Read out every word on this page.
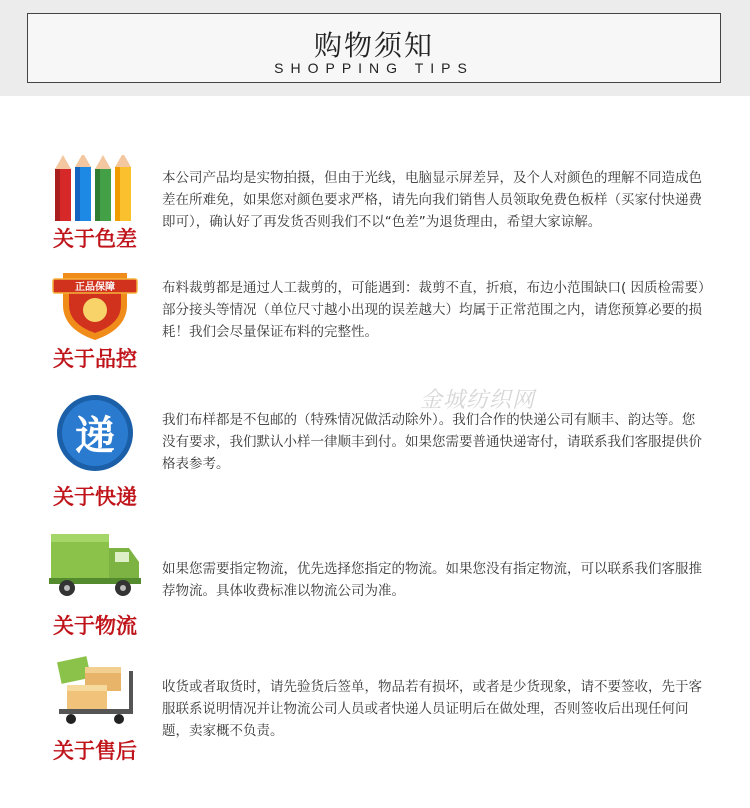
购物须知
SHOPPING TIPS
金城纺织网
关于色差
本公司产品均是实物拍摄，但由于光线，电脑显示屏差异，及个人对颜色的理解不同造成色差在所难免，如果您对颜色要求严格，请先向我们销售人员领取免费色板样（买家付快递费即可），确认好了再发货否则我们不以“色差”为退货理由，希望大家谅解。
正品保障
关于品控
布料裁剪都是通过人工裁剪的，可能遇到：裁剪不直，折痕，布边小范围缺口( 因质检需要）部分接头等情况（单位尺寸越小出现的误差越大）均属于正常范围之内，请您预算必要的损耗！我们会尽量保证布料的完整性。
递
关于快递
我们布样都是不包邮的（特殊情况做活动除外）。我们合作的快递公司有顺丰、韵达等。您没有要求，我们默认小样一律顺丰到付。如果您需要普通快递寄付，请联系我们客服提供价格表参考。
关于物流
如果您需要指定物流，优先选择您指定的物流。如果您没有指定物流，可以联系我们客服推荐物流。具体收费标准以物流公司为准。
关于售后
收货或者取货时，请先验货后签单，物品若有损坏，或者是少货现象，请不要签收，先于客服联系说明情况并让物流公司人员或者快递人员证明后在做处理，否则签收后出现任何问题，卖家概不负责。
